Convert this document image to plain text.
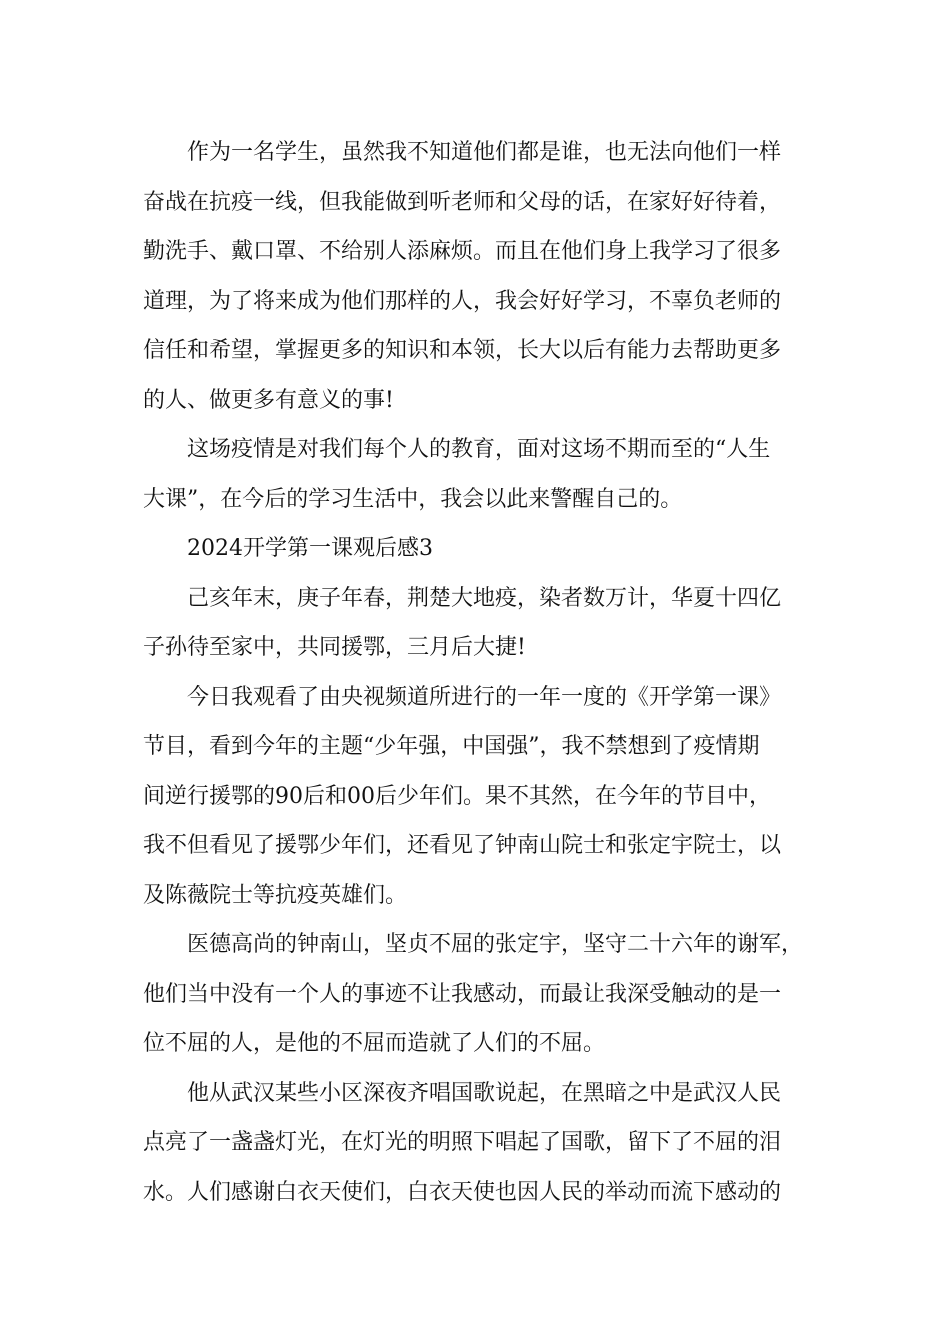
作为一名学生，虽然我不知道他们都是谁，也无法向他们一样
奋战在抗疫一线，但我能做到听老师和父母的话，在家好好待着，
勤洗手、戴口罩、不给别人添麻烦。而且在他们身上我学习了很多
道理，为了将来成为他们那样的人，我会好好学习，不辜负老师的
信任和希望，掌握更多的知识和本领，长大以后有能力去帮助更多
的人、做更多有意义的事!

这场疫情是对我们每个人的教育，面对这场不期而至的“人生
大课”，在今后的学习生活中，我会以此来警醒自己的。

2024开学第一课观后感3

己亥年末，庚子年春，荆楚大地疫，染者数万计，华夏十四亿
子孙待至家中，共同援鄂，三月后大捷!

今日我观看了由央视频道所进行的一年一度的《开学第一课》
节目，看到今年的主题“少年强，中国强”，我不禁想到了疫情期
间逆行援鄂的90后和00后少年们。果不其然，在今年的节目中，
我不但看见了援鄂少年们，还看见了钟南山院士和张定宇院士，以
及陈薇院士等抗疫英雄们。

医德高尚的钟南山，坚贞不屈的张定宇，坚守二十六年的谢军，
他们当中没有一个人的事迹不让我感动，而最让我深受触动的是一
位不屈的人，是他的不屈而造就了人们的不屈。

他从武汉某些小区深夜齐唱国歌说起，在黑暗之中是武汉人民
点亮了一盏盏灯光，在灯光的明照下唱起了国歌，留下了不屈的泪
水。人们感谢白衣天使们，白衣天使也因人民的举动而流下感动的
